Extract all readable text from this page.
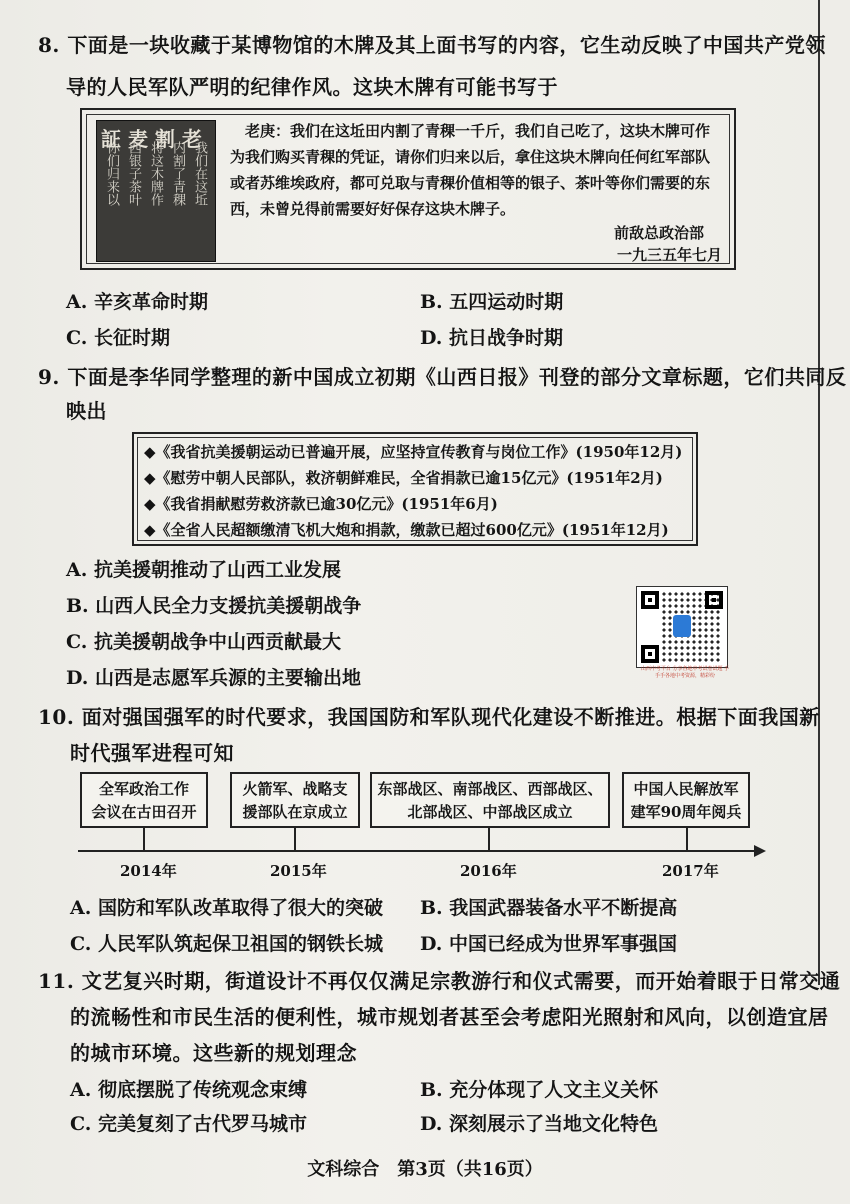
8. 下面是一块收藏于某博物馆的木牌及其上面书写的内容，它生动反映了中国共产党领
导的人民军队严明的纪律作风。这块木牌有可能书写于
証 麦 割 老
你们归来以 西银子茶叶 将这木牌作 内割了青稞 我们在这坵
老庚：我们在这坵田内割了青稞一千斤，我们自己吃了，这块木牌可作
为我们购买青稞的凭证，请你们归来以后，拿住这块木牌向任何红军部队
或者苏维埃政府，都可兑取与青稞价值相等的银子、茶叶等你们需要的东
西，未曾兑得前需要好好保存这块木牌子。
前敌总政治部
一九三五年七月
A. 辛亥革命时期	B. 五四运动时期
C. 长征时期	D. 抗日战争时期
9. 下面是李华同学整理的新中国成立初期《山西日报》刊登的部分文章标题，它们共同反
映出
◆《我省抗美援朝运动已普遍开展，应坚持宣传教育与岗位工作》(1950年12月)
◆《慰劳中朝人民部队，救济朝鲜难民，全省捐款已逾15亿元》(1951年2月)
◆《我省捐献慰劳救济款已逾30亿元》(1951年6月)
◆《全省人民超额缴清飞机大炮和捐款，缴款已超过600亿元》(1951年12月)
A. 抗美援朝推动了山西工业发展
B. 山西人民全力支援抗美援朝战争
C. 抗美援朝战争中山西贡献最大
D. 山西是志愿军兵源的主要输出地	山西中考平台 分享各地中考试卷试题 手手手各地中考资源，精彩纷
10. 面对强国强军的时代要求，我国国防和军队现代化建设不断推进。根据下面我国新
时代强军进程可知
全军政治工作
会议在古田召开
火箭军、战略支
援部队在京成立
东部战区、南部战区、西部战区、
北部战区、中部战区成立
中国人民解放军
建军90周年阅兵
2014年	2015年	2016年	2017年
A. 国防和军队改革取得了很大的突破 B. 我国武器装备水平不断提高
C. 人民军队筑起保卫祖国的钢铁长城 D. 中国已经成为世界军事强国
11. 文艺复兴时期，街道设计不再仅仅满足宗教游行和仪式需要，而开始着眼于日常交通
的流畅性和市民生活的便利性，城市规划者甚至会考虑阳光照射和风向，以创造宜居
的城市环境。这些新的规划理念
A. 彻底摆脱了传统观念束缚	B. 充分体现了人文主义关怀
C. 完美复刻了古代罗马城市	D. 深刻展示了当地文化特色
文科综合　第3页（共16页）
